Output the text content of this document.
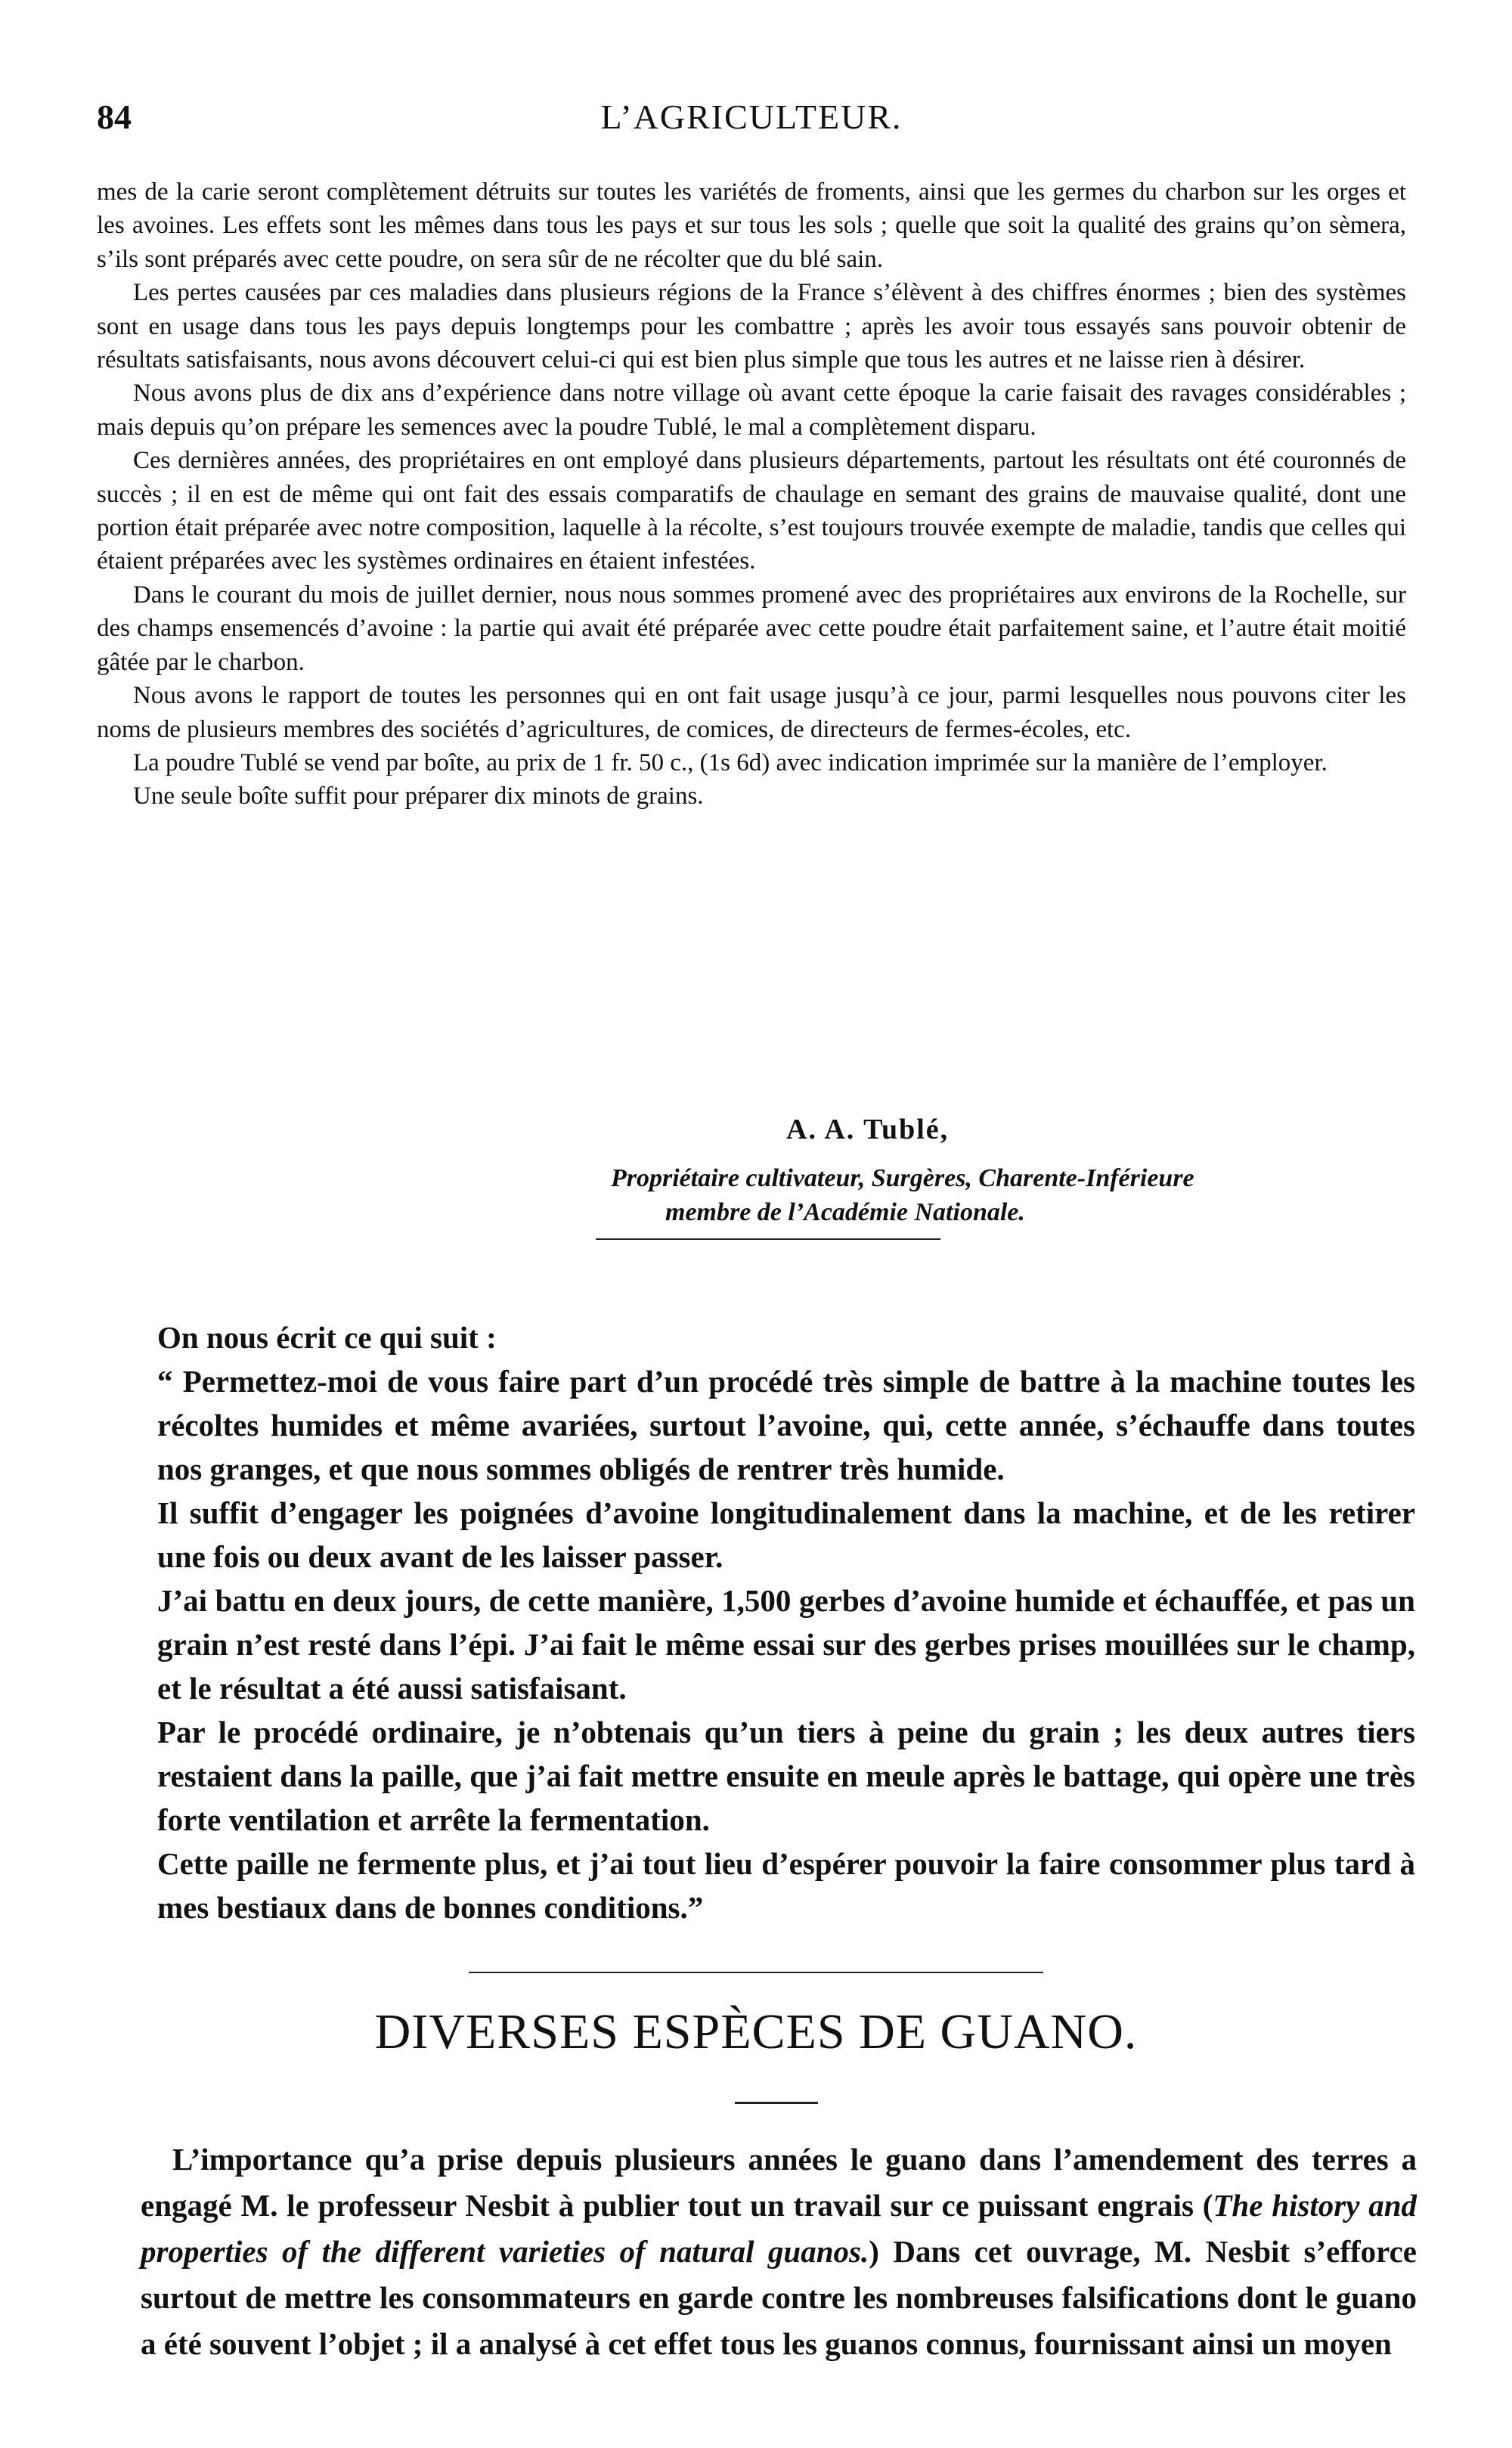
84	L’AGRICULTEUR.

mes de la carie seront complètement détruits sur toutes les variétés de froments, ainsi que les germes du charbon sur les orges et les avoines. Les effets sont les mêmes dans tous les pays et sur tous les sols ; quelle que soit la qualité des grains qu’on sèmera, s’ils sont préparés avec cette poudre, on sera sûr de ne récolter que du blé sain.

Les pertes causées par ces maladies dans plusieurs régions de la France s’élèvent à des chiffres énormes ; bien des systèmes sont en usage dans tous les pays depuis longtemps pour les combattre ; après les avoir tous essayés sans pouvoir obtenir de résultats satisfaisants, nous avons découvert celui-ci qui est bien plus simple que tous les autres et ne laisse rien à désirer.

Nous avons plus de dix ans d’expérience dans notre village où avant cette époque la carie faisait des ravages considérables ; mais depuis qu’on prépare les semences avec la poudre Tublé, le mal a complètement disparu.

Ces dernières années, des propriétaires en ont employé dans plusieurs départements, partout les résultats ont été couronnés de succès ; il en est de même qui ont fait des essais comparatifs de chaulage en semant des grains de mauvaise qualité, dont une portion était préparée avec notre composition, laquelle à la récolte, s’est toujours trouvée exempte de maladie, tandis que celles qui étaient préparées avec les systèmes ordinaires en étaient infestées.

Dans le courant du mois de juillet dernier, nous nous sommes promené avec des propriétaires aux environs de la Rochelle, sur des champs ensemencés d’avoine : la partie qui avait été préparée avec cette poudre était parfaitement saine, et l’autre était moitié gâtée par le charbon.

Nous avons le rapport de toutes les personnes qui en ont fait usage jusqu’à ce jour, parmi lesquelles nous pouvons citer les noms de plusieurs membres des sociétés d’agricultures, de comices, de directeurs de fermes-écoles, etc.

La poudre Tublé se vend par boîte, au prix de 1 fr. 50 c., (1s 6d) avec indication imprimée sur la manière de l’employer.

Une seule boîte suffit pour préparer dix minots de grains.

A. A. Tublé,
Propriétaire cultivateur, Surgères, Charente-Inférieure
membre de l’Académie Nationale.

On nous écrit ce qui suit :

“ Permettez-moi de vous faire part d’un procédé très simple de battre à la machine toutes les récoltes humides et même avariées, surtout l’avoine, qui, cette année, s’échauffe dans toutes nos granges, et que nous sommes obligés de rentrer très humide.

Il suffit d’engager les poignées d’avoine longitudinalement dans la machine, et de les retirer une fois ou deux avant de les laisser passer.

J’ai battu en deux jours, de cette manière, 1,500 gerbes d’avoine humide et échauffée, et pas un grain n’est resté dans l’épi. J’ai fait le même essai sur des gerbes prises mouillées sur le champ, et le résultat a été aussi satisfaisant.

Par le procédé ordinaire, je n’obtenais qu’un tiers à peine du grain ; les deux autres tiers restaient dans la paille, que j’ai fait mettre ensuite en meule après le battage, qui opère une très forte ventilation et arrête la fermentation.

Cette paille ne fermente plus, et j’ai tout lieu d’espérer pouvoir la faire consommer plus tard à mes bestiaux dans de bonnes conditions.”

DIVERSES ESPÈCES DE GUANO.

L’importance qu’a prise depuis plusieurs années le guano dans l’amendement des terres a engagé M. le professeur Nesbit à publier tout un travail sur ce puissant engrais (The history and properties of the different varieties of natural guanos.) Dans cet ouvrage, M. Nesbit s’efforce surtout de mettre les consommateurs en garde contre les nombreuses falsifications dont le guano a été souvent l’objet ; il a analysé à cet effet tous les guanos connus, fournissant ainsi un moyen
